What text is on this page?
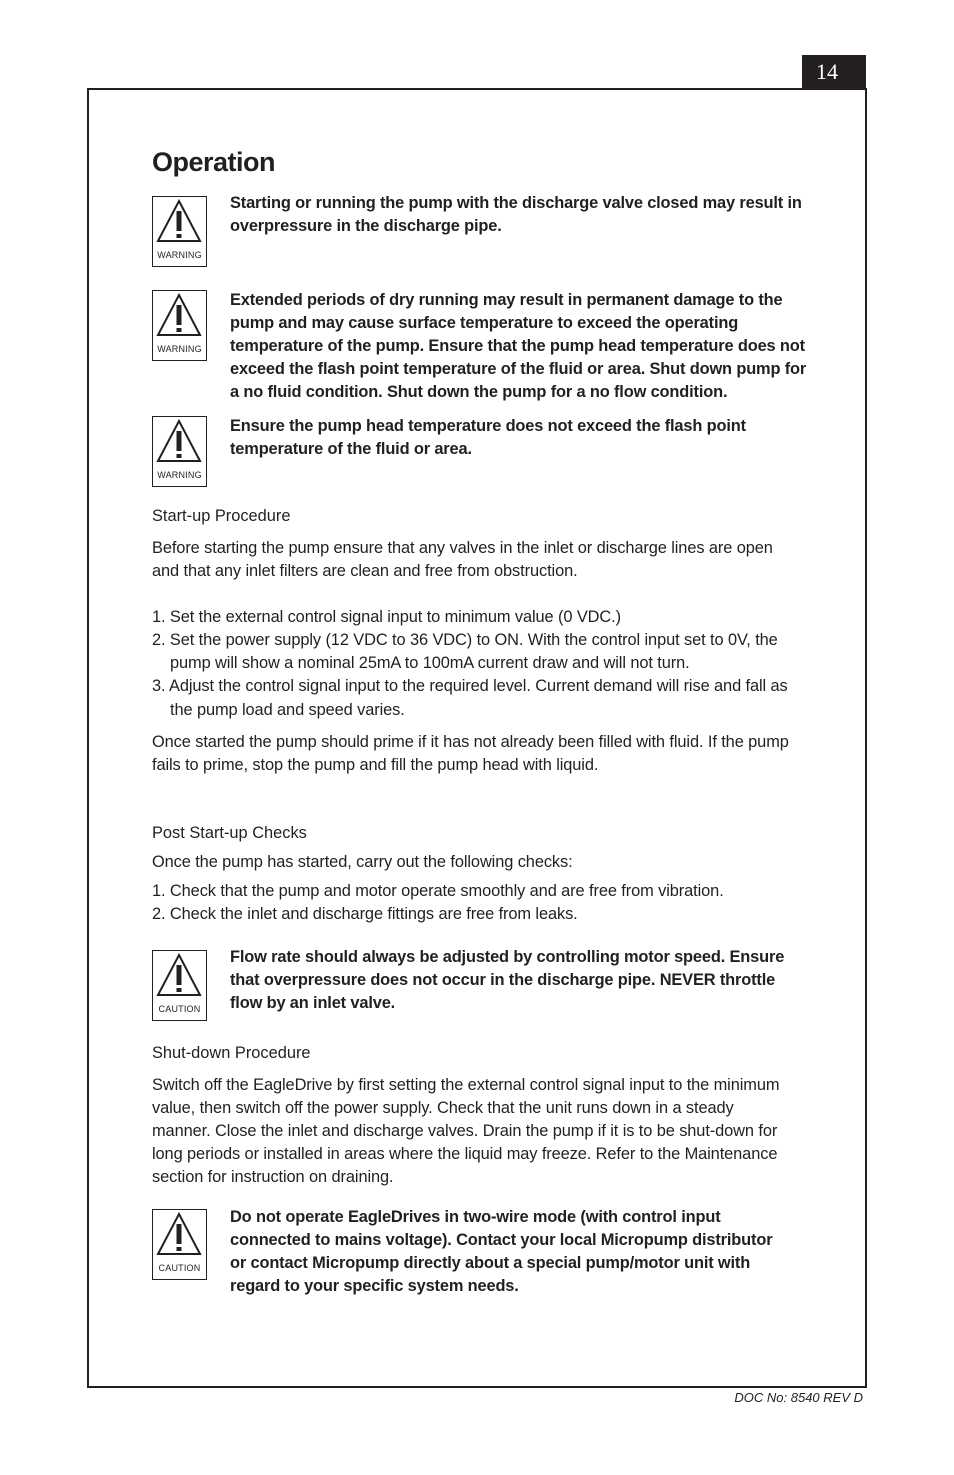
14
Operation
WARNING
Starting or running the pump with the discharge valve closed may result in overpressure in the discharge pipe.
WARNING
Extended periods of dry running may result in permanent damage to the pump and may cause surface temperature to exceed the operating temperature of the pump. Ensure that the pump head temperature does not exceed the flash point temperature of the fluid or area. Shut down pump for a no fluid condition. Shut down the pump for a no flow condition.
WARNING
Ensure the pump head temperature does not exceed the flash point temperature of the fluid or area.
Start-up Procedure
Before starting the pump ensure that any valves in the inlet or discharge lines are open and that any inlet filters are clean and free from obstruction.
1. Set the external control signal input to minimum value (0 VDC.)
2. Set the power supply (12 VDC to 36 VDC) to ON. With the control input set to 0V, the
pump will show a nominal 25mA to 100mA current draw and will not turn.
3. Adjust the control signal input to the required level. Current demand will rise and fall as
the pump load and speed varies.
Once started the pump should prime if it has not already been filled with fluid. If the pump fails to prime, stop the pump and fill the pump head with liquid.
Post Start-up Checks
Once the pump has started, carry out the following checks:
1. Check that the pump and motor operate smoothly and are free from vibration.
2. Check the inlet and discharge fittings are free from leaks.
CAUTION
Flow rate should always be adjusted by controlling motor speed. Ensure that overpressure does not occur in the discharge pipe. NEVER throttle flow by an inlet valve.
Shut-down Procedure
Switch off the EagleDrive by first setting the external control signal input to the minimum value, then switch off the power supply. Check that the unit runs down in a steady manner. Close the inlet and discharge valves. Drain the pump if it is to be shut-down for long periods or installed in areas where the liquid may freeze. Refer to the Maintenance section for instruction on draining.
CAUTION
Do not operate EagleDrives in two-wire mode (with control input connected to mains voltage). Contact your local Micropump distributor or contact Micropump directly about a special pump/motor unit with regard to your specific system needs.
DOC No: 8540 REV D
